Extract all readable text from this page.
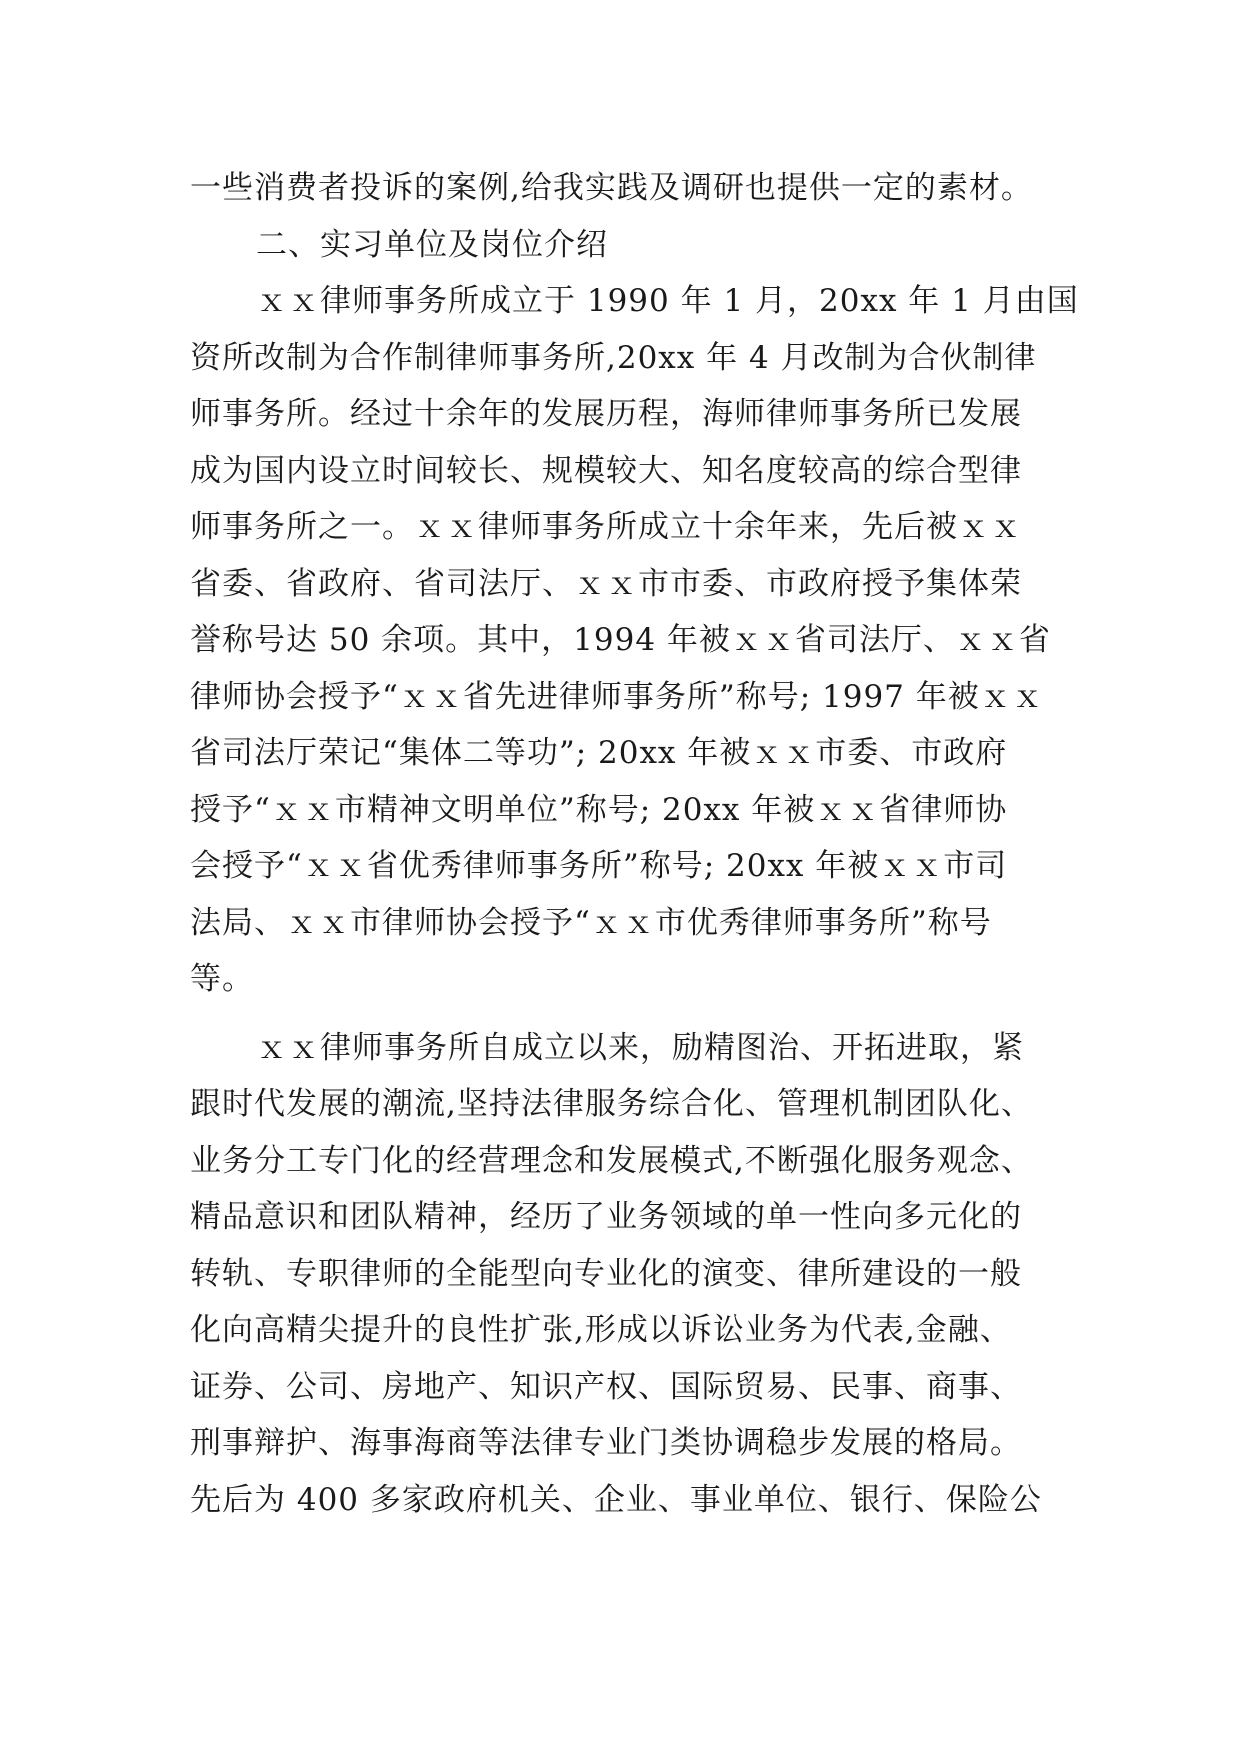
一些消费者投诉的案例,给我实践及调研也提供一定的素材。
二、实习单位及岗位介绍
ｘｘ律师事务所成立于 1990 年 1 月，20xx 年 1 月由国
资所改制为合作制律师事务所,20xx 年 4 月改制为合伙制律
师事务所。经过十余年的发展历程，海师律师事务所已发展
成为国内设立时间较长、规模较大、知名度较高的综合型律
师事务所之一。ｘｘ律师事务所成立十余年来，先后被ｘｘ
省委、省政府、省司法厅、ｘｘ市市委、市政府授予集体荣
誉称号达 50 余项。其中，1994 年被ｘｘ省司法厅、ｘｘ省
律师协会授予“ｘｘ省先进律师事务所”称号; 1997 年被ｘｘ
省司法厅荣记“集体二等功”; 20xx 年被ｘｘ市委、市政府
授予“ｘｘ市精神文明单位”称号; 20xx 年被ｘｘ省律师协
会授予“ｘｘ省优秀律师事务所”称号; 20xx 年被ｘｘ市司
法局、ｘｘ市律师协会授予“ｘｘ市优秀律师事务所”称号
等。
ｘｘ律师事务所自成立以来，励精图治、开拓进取，紧
跟时代发展的潮流,坚持法律服务综合化、管理机制团队化、
业务分工专门化的经营理念和发展模式,不断强化服务观念、
精品意识和团队精神，经历了业务领域的单一性向多元化的
转轨、专职律师的全能型向专业化的演变、律所建设的一般
化向高精尖提升的良性扩张,形成以诉讼业务为代表,金融、
证券、公司、房地产、知识产权、国际贸易、民事、商事、
刑事辩护、海事海商等法律专业门类协调稳步发展的格局。
先后为 400 多家政府机关、企业、事业单位、银行、保险公
